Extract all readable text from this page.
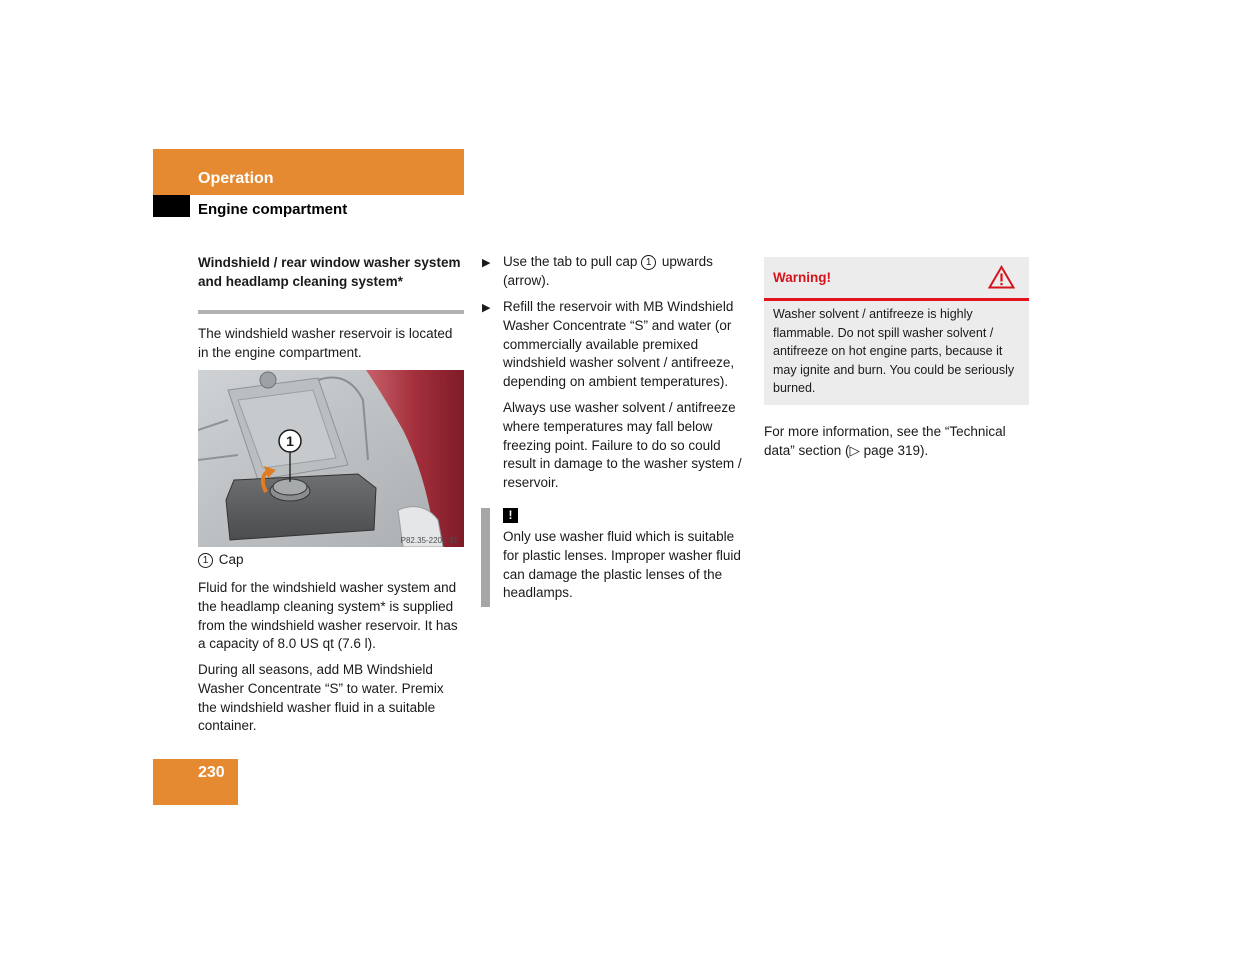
Operation
Engine compartment
Windshield / rear window washer system and headlamp cleaning system*
The windshield washer reservoir is located in the engine compartment.
1
P82.35-2200-31
1 Cap
Fluid for the windshield washer system and the headlamp cleaning system* is supplied from the windshield washer reservoir. It has a capacity of 8.0 US qt (7.6 l).
During all seasons, add MB Windshield Washer Concentrate “S” to water. Premix the windshield washer fluid in a suitable container.
▶ Use the tab to pull cap 1 upwards (arrow).
▶ Refill the reservoir with MB Windshield Washer Concentrate “S” and water (or commercially available premixed windshield washer solvent / antifreeze, depending on ambient temperatures).
Always use washer solvent / antifreeze where temperatures may fall below freezing point. Failure to do so could result in damage to the washer system / reservoir.
!
Only use washer fluid which is suitable for plastic lenses. Improper washer fluid can damage the plastic lenses of the headlamps.
Warning!
Washer solvent / antifreeze is highly flammable. Do not spill washer solvent / antifreeze on hot engine parts, because it may ignite and burn. You could be seriously burned.
For more information, see the “Technical data” section (▷ page 319).
230
